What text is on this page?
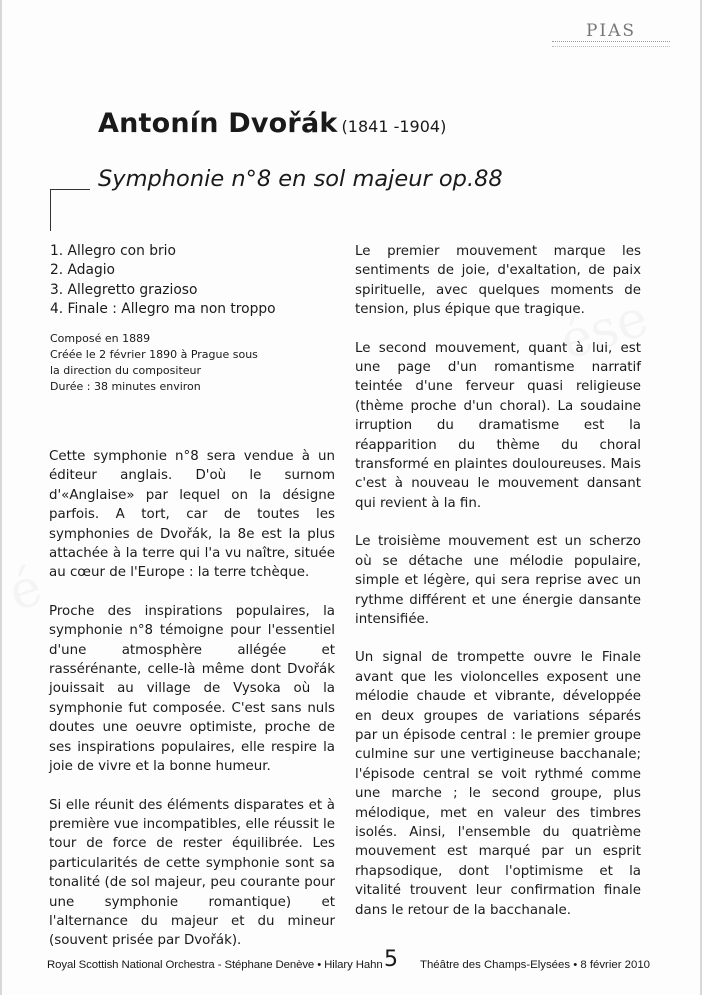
PIAS
Antonín Dvořák (1841 -1904)
Symphonie n°8 en sol majeur op.88
1. Allegro con brio
2. Adagio
3. Allegretto grazioso
4. Finale : Allegro ma non troppo
Composé en 1889
Créée le 2 février 1890 à Prague sous
la direction du compositeur
Durée : 38 minutes environ

Cette symphonie n°8 sera vendue à un éditeur anglais. D'où le surnom d'«Anglaise» par lequel on la désigne parfois. A tort, car de toutes les symphonies de Dvořák, la 8e est la plus attachée à la terre qui l'a vu naître, située au cœur de l'Europe : la terre tchèque.

Proche des inspirations populaires, la symphonie n°8 témoigne pour l'essentiel d'une atmosphère allégée et rassérénante, celle-là même dont Dvořák jouissait au village de Vysoka où la symphonie fut composée. C'est sans nuls doutes une oeuvre optimiste, proche de ses inspirations populaires, elle respire la joie de vivre et la bonne humeur.

Si elle réunit des éléments disparates et à première vue incompatibles, elle réussit le tour de force de rester équilibrée. Les particularités de cette symphonie sont sa tonalité (de sol majeur, peu courante pour une symphonie romantique) et l'alternance du majeur et du mineur (souvent prisée par Dvořák).

Le premier mouvement marque les sentiments de joie, d'exaltation, de paix spirituelle, avec quelques moments de tension, plus épique que tragique.

Le second mouvement, quant à lui, est une page d'un romantisme narratif teintée d'une ferveur quasi religieuse (thème proche d'un choral). La soudaine irruption du dramatisme est la réapparition du thème du choral transformé en plaintes douloureuses. Mais c'est à nouveau le mouvement dansant qui revient à la fin.

Le troisième mouvement est un scherzo où se détache une mélodie populaire, simple et légère, qui sera reprise avec un rythme différent et une énergie dansante intensifiée.

Un signal de trompette ouvre le Finale avant que les violoncelles exposent une mélodie chaude et vibrante, développée en deux groupes de variations séparés par un épisode central : le premier groupe culmine sur une vertigineuse bacchanale; l'épisode central se voit rythmé comme une marche ; le second groupe, plus mélodique, met en valeur des timbres isolés. Ainsi, l'ensemble du quatrième mouvement est marqué par un esprit rhapsodique, dont l'optimisme et la vitalité trouvent leur confirmation finale dans le retour de la bacchanale.

Royal Scottish National Orchestra - Stéphane Denève • Hilary Hahn 5 Théâtre des Champs-Elysées • 8 février 2010
